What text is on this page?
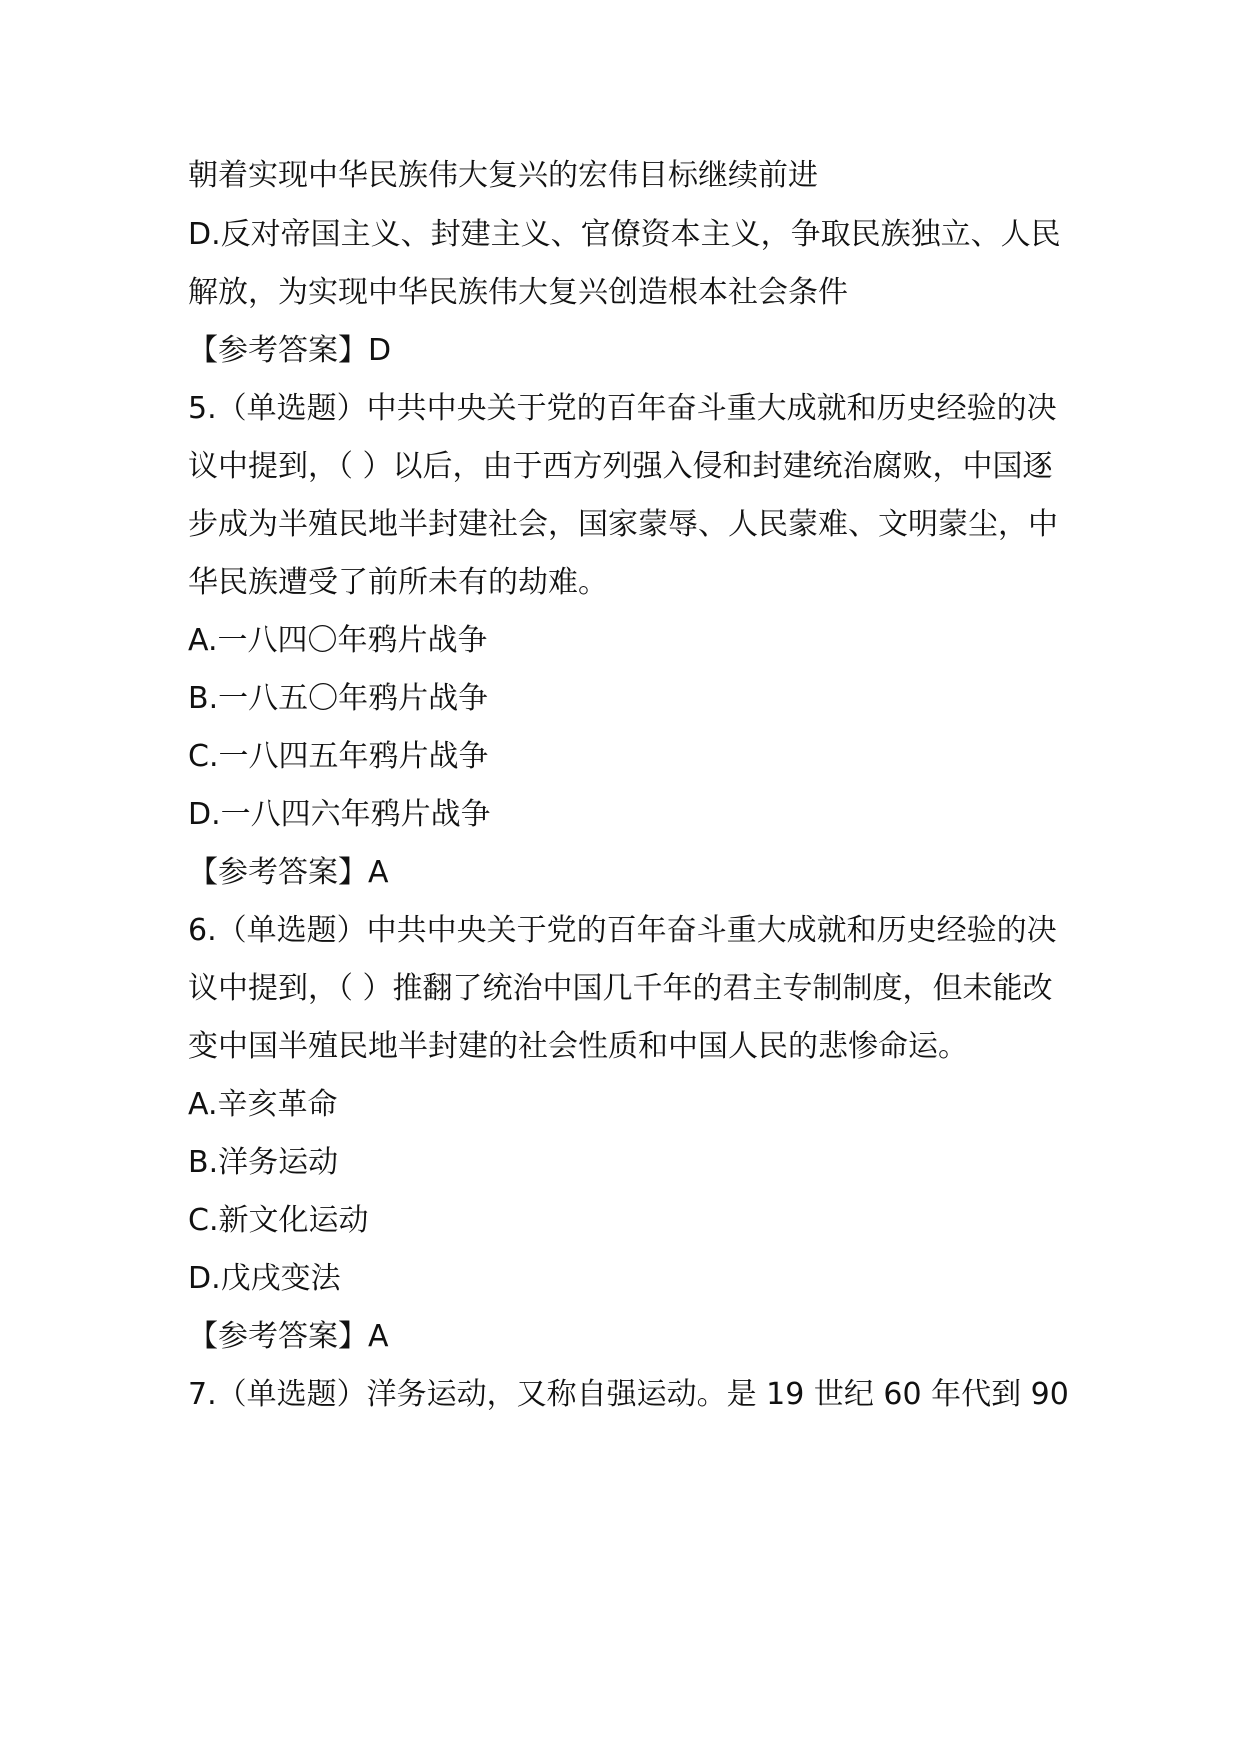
朝着实现中华民族伟大复兴的宏伟目标继续前进
D.反对帝国主义、封建主义、官僚资本主义，争取民族独立、人民
解放，为实现中华民族伟大复兴创造根本社会条件
【参考答案】D
5.（单选题）中共中央关于党的百年奋斗重大成就和历史经验的决
议中提到，（ ）以后，由于西方列强入侵和封建统治腐败，中国逐
步成为半殖民地半封建社会，国家蒙辱、人民蒙难、文明蒙尘，中
华民族遭受了前所未有的劫难。
A.一八四〇年鸦片战争
B.一八五〇年鸦片战争
C.一八四五年鸦片战争
D.一八四六年鸦片战争
【参考答案】A
6.（单选题）中共中央关于党的百年奋斗重大成就和历史经验的决
议中提到，（ ）推翻了统治中国几千年的君主专制制度，但未能改
变中国半殖民地半封建的社会性质和中国人民的悲惨命运。
A.辛亥革命
B.洋务运动
C.新文化运动
D.戊戌变法
【参考答案】A
7.（单选题）洋务运动，又称自强运动。是 19 世纪 60 年代到 90
